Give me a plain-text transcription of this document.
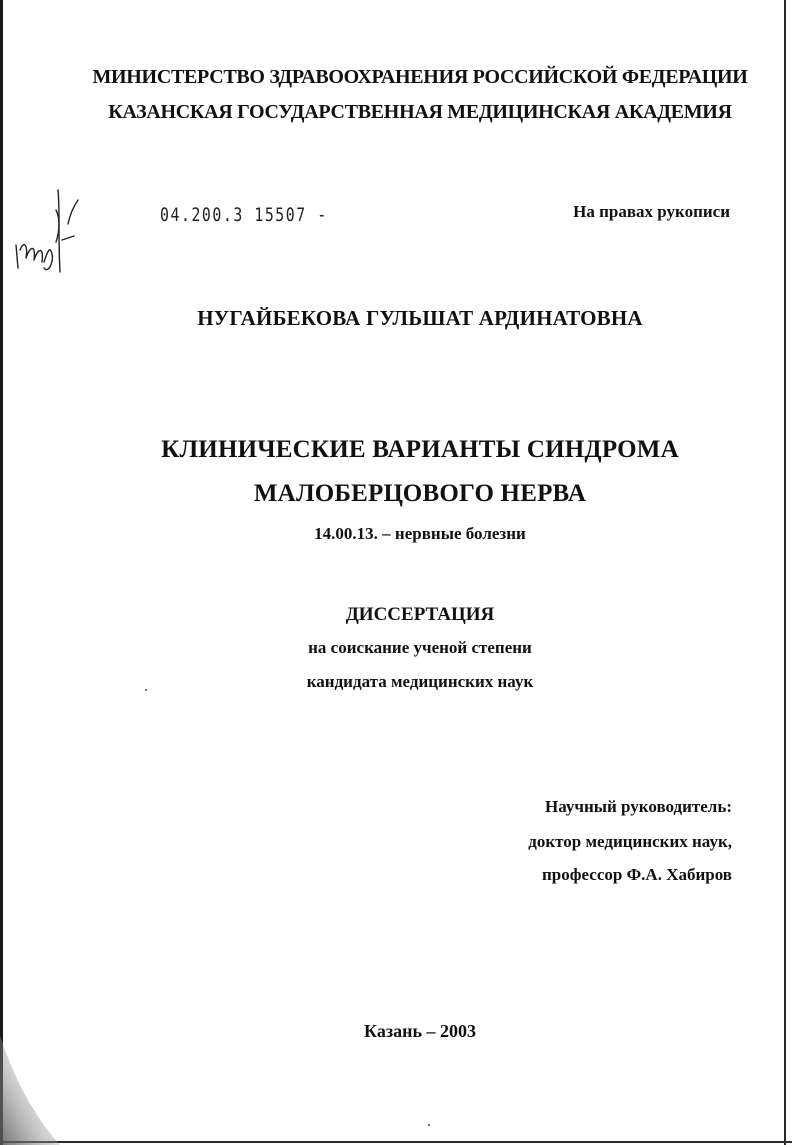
МИНИСТЕРСТВО ЗДРАВООХРАНЕНИЯ РОССИЙСКОЙ ФЕДЕРАЦИИ
КАЗАНСКАЯ ГОСУДАРСТВЕННАЯ МЕДИЦИНСКАЯ АКАДЕМИЯ
04.200.3 15507 -	На правах рукописи
НУГАЙБЕКОВА ГУЛЬШАТ АРДИНАТОВНА
КЛИНИЧЕСКИЕ ВАРИАНТЫ СИНДРОМА
МАЛОБЕРЦОВОГО НЕРВА
14.00.13. – нервные болезни
ДИССЕРТАЦИЯ
на соискание ученой степени
кандидата медицинских наук
Научный руководитель:
доктор медицинских наук,
профессор Ф.А. Хабиров
Казань – 2003
